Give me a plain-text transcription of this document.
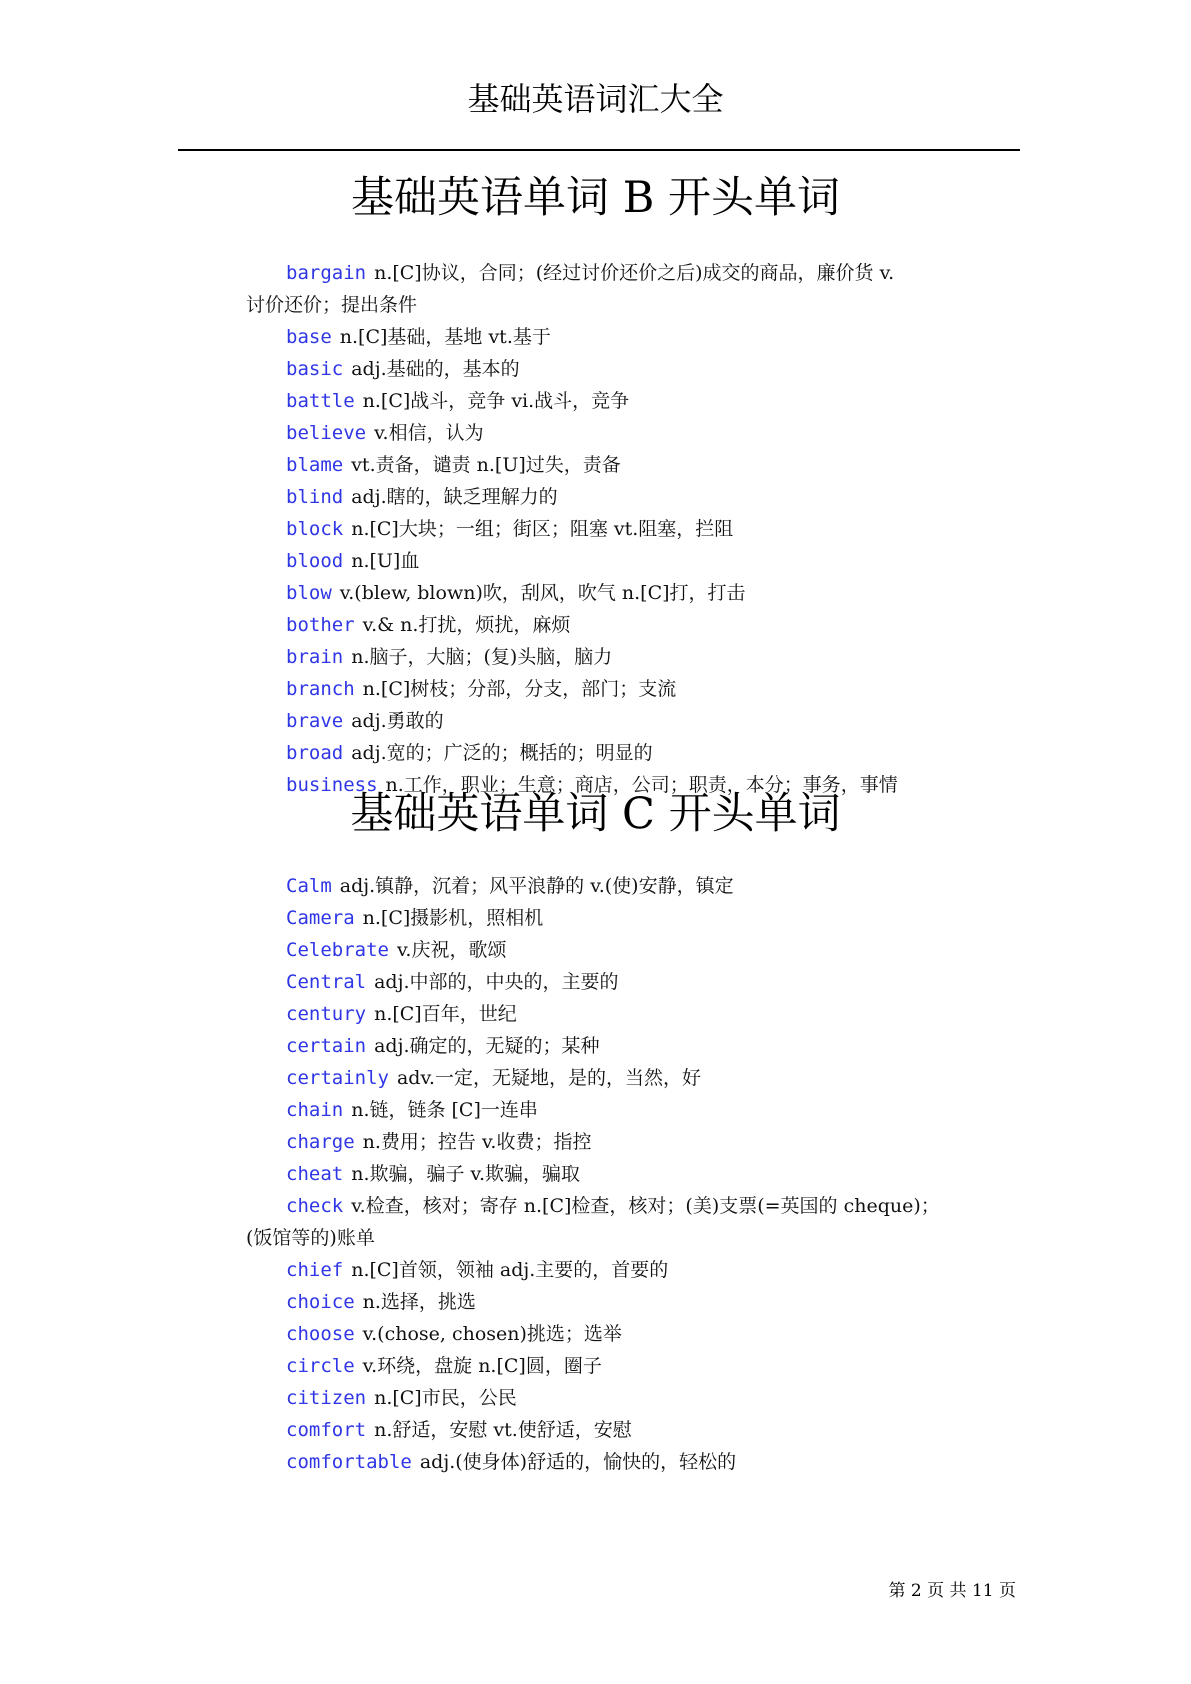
基础英语词汇大全
基础英语单词 B 开头单词
bargain n.[C]协议，合同；(经过讨价还价之后)成交的商品，廉价货 v.
讨价还价；提出条件
base n.[C]基础，基地 vt.基于
basic adj.基础的，基本的
battle n.[C]战斗，竞争 vi.战斗，竞争
believe v.相信，认为
blame vt.责备，谴责 n.[U]过失，责备
blind adj.瞎的，缺乏理解力的
block n.[C]大块；一组；街区；阻塞 vt.阻塞，拦阻
blood n.[U]血
blow v.(blew, blown)吹，刮风，吹气 n.[C]打，打击
bother v.& n.打扰，烦扰，麻烦
brain n.脑子，大脑；(复)头脑，脑力
branch n.[C]树枝；分部，分支，部门；支流
brave adj.勇敢的
broad adj.宽的；广泛的；概括的；明显的
business n.工作，职业；生意；商店，公司；职责，本分；事务，事情
基础英语单词 C 开头单词
Calm adj.镇静，沉着；风平浪静的 v.(使)安静，镇定
Camera n.[C]摄影机，照相机
Celebrate v.庆祝，歌颂
Central adj.中部的，中央的，主要的
century n.[C]百年，世纪
certain adj.确定的，无疑的；某种
certainly adv.一定，无疑地，是的，当然，好
chain n.链，链条 [C]一连串
charge n.费用；控告 v.收费；指控
cheat n.欺骗，骗子 v.欺骗，骗取
check v.检查，核对；寄存 n.[C]检查，核对；(美)支票(=英国的 cheque)；
(饭馆等的)账单
chief n.[C]首领，领袖 adj.主要的，首要的
choice n.选择，挑选
choose v.(chose, chosen)挑选；选举
circle v.环绕，盘旋 n.[C]圆，圈子
citizen n.[C]市民，公民
comfort n.舒适，安慰 vt.使舒适，安慰
comfortable adj.(使身体)舒适的，愉快的，轻松的
第 2 页 共 11 页
